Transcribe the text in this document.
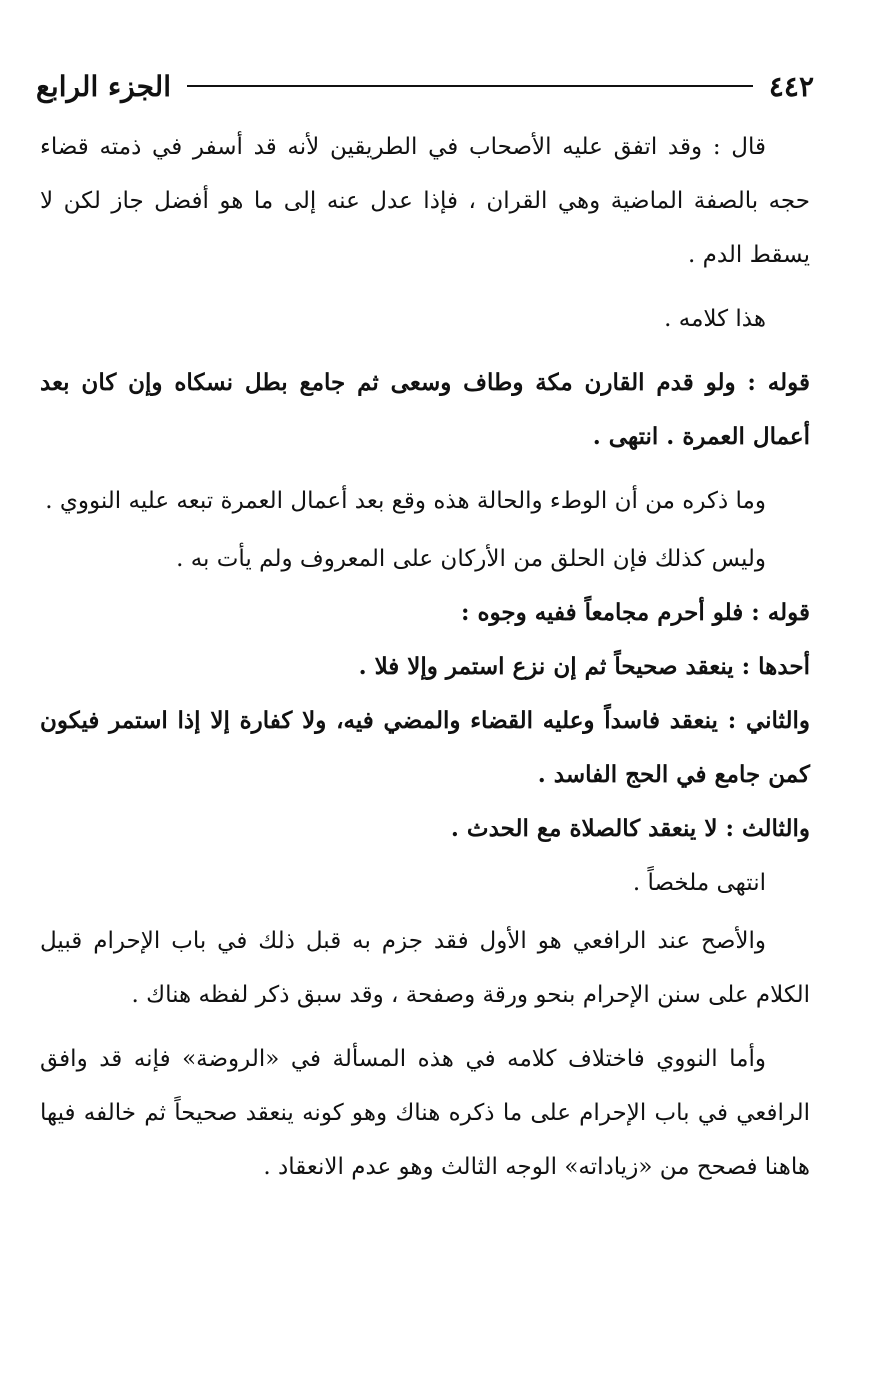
٤٤٢
الجزء الرابع

قال : وقد اتفق عليه الأصحاب في الطريقين لأنه قد أسفر في ذمته قضاء حجه بالصفة الماضية وهي القران ، فإذا عدل عنه إلى ما هو أفضل جاز لكن لا يسقط الدم .

هذا كلامه .

قوله : ولو قدم القارن مكة وطاف وسعى ثم جامع بطل نسكاه وإن كان بعد أعمال العمرة . انتهى .

وما ذكره من أن الوطء والحالة هذه وقع بعد أعمال العمرة تبعه عليه النووي .

وليس كذلك فإن الحلق من الأركان على المعروف ولم يأت به .

قوله : فلو أحرم مجامعاً ففيه وجوه :

أحدها : ينعقد صحيحاً ثم إن نزع استمر وإلا فلا .

والثاني : ينعقد فاسداً وعليه القضاء والمضي فيه، ولا كفارة إلا إذا استمر فيكون كمن جامع في الحج الفاسد .

والثالث : لا ينعقد كالصلاة مع الحدث .

انتهى ملخصاً .

والأصح عند الرافعي هو الأول فقد جزم به قبل ذلك في باب الإحرام قبيل الكلام على سنن الإحرام بنحو ورقة وصفحة ، وقد سبق ذكر لفظه هناك .

وأما النووي فاختلاف كلامه في هذه المسألة في «الروضة» فإنه قد وافق الرافعي في باب الإحرام على ما ذكره هناك وهو كونه ينعقد صحيحاً ثم خالفه فيها هاهنا فصحح من «زياداته» الوجه الثالث وهو عدم الانعقاد .
